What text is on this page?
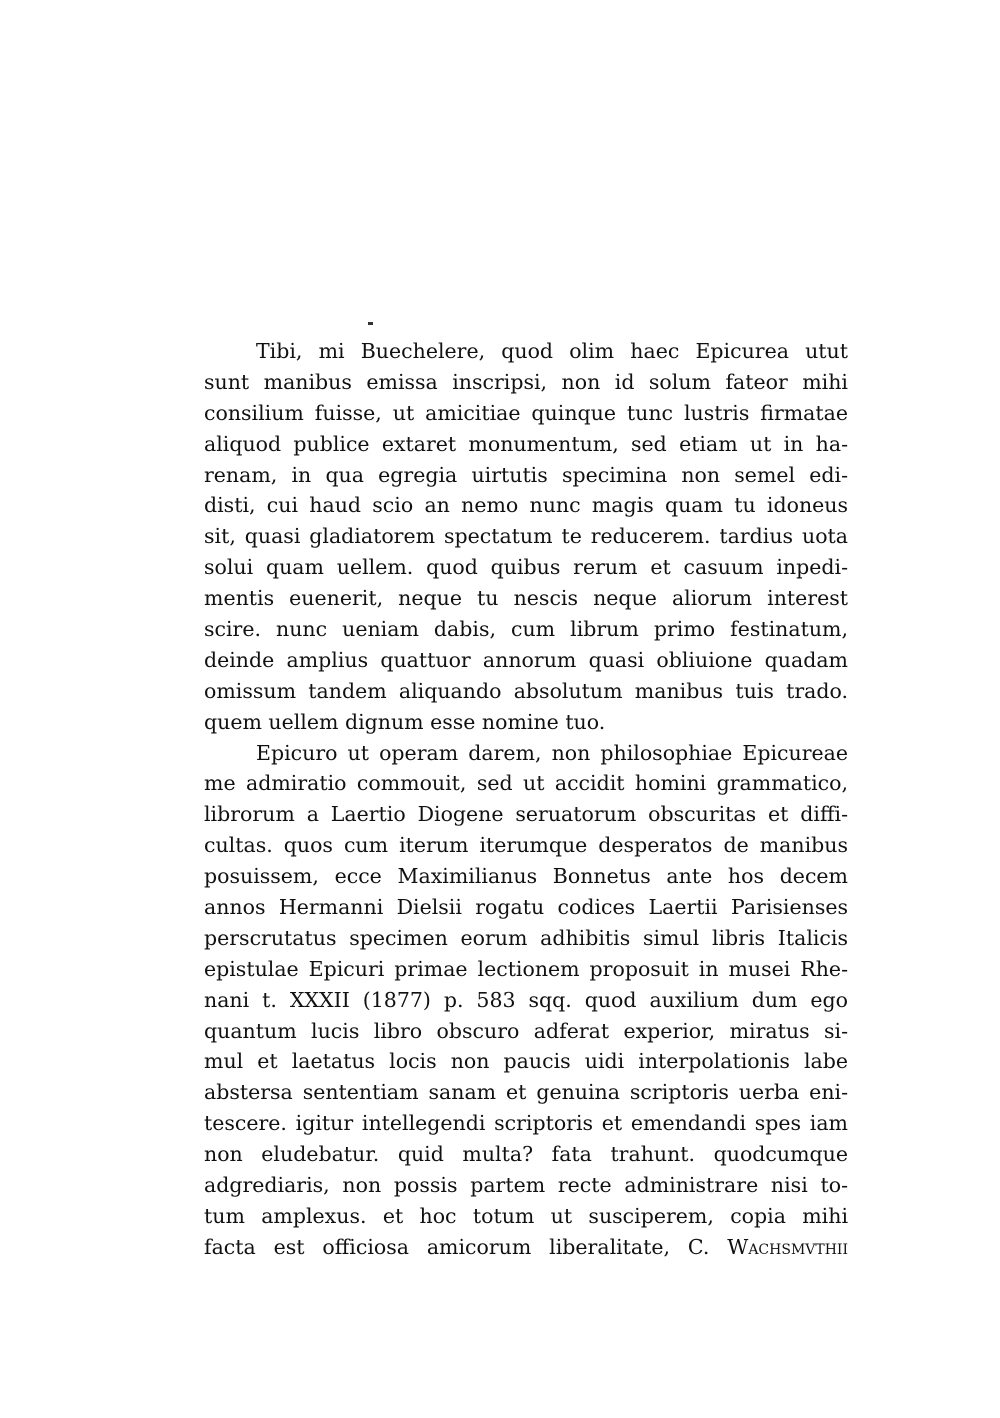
Tibi, mi Buechelere, quod olim haec Epicurea utut
sunt manibus emissa inscripsi, non id solum fateor mihi
consilium fuisse, ut amicitiae quinque tunc lustris firmatae
aliquod publice extaret monumentum, sed etiam ut in ha-
renam, in qua egregia uirtutis specimina non semel edi-
disti, cui haud scio an nemo nunc magis quam tu idoneus
sit, quasi gladiatorem spectatum te reducerem. tardius uota
solui quam uellem. quod quibus rerum et casuum inpedi-
mentis euenerit, neque tu nescis neque aliorum interest
scire. nunc ueniam dabis, cum librum primo festinatum,
deinde amplius quattuor annorum quasi obliuione quadam
omissum tandem aliquando absolutum manibus tuis trado.
quem uellem dignum esse nomine tuo.
Epicuro ut operam darem, non philosophiae Epicureae
me admiratio commouit, sed ut accidit homini grammatico,
librorum a Laertio Diogene seruatorum obscuritas et diffi-
cultas. quos cum iterum iterumque desperatos de manibus
posuissem, ecce Maximilianus Bonnetus ante hos decem
annos Hermanni Dielsii rogatu codices Laertii Parisienses
perscrutatus specimen eorum adhibitis simul libris Italicis
epistulae Epicuri primae lectionem proposuit in musei Rhe-
nani t. XXXII (1877) p. 583 sqq. quod auxilium dum ego
quantum lucis libro obscuro adferat experior, miratus si-
mul et laetatus locis non paucis uidi interpolationis labe
abstersa sententiam sanam et genuina scriptoris uerba eni-
tescere. igitur intellegendi scriptoris et emendandi spes iam
non eludebatur. quid multa? fata trahunt. quodcumque
adgrediaris, non possis partem recte administrare nisi to-
tum amplexus. et hoc totum ut susciperem, copia mihi
facta est officiosa amicorum liberalitate, C. Wachsmvthii
